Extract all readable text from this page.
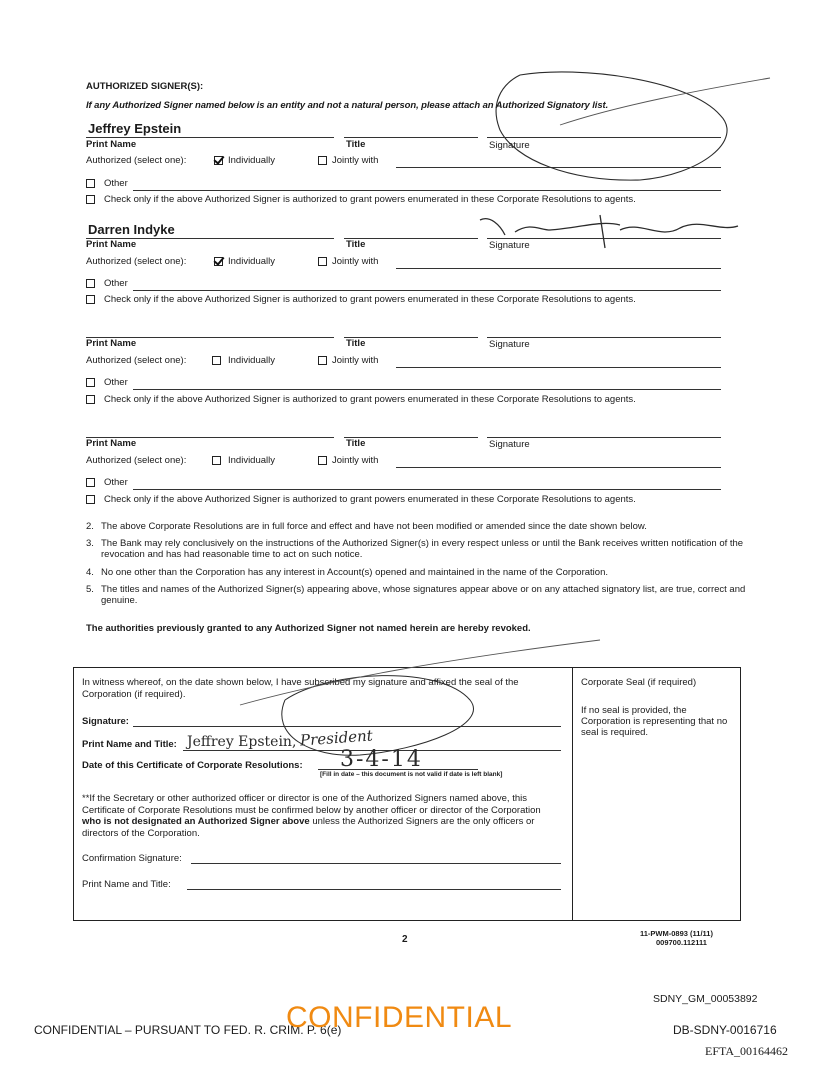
AUTHORIZED SIGNER(S):
If any Authorized Signer named below is an entity and not a natural person, please attach an Authorized Signatory list.
Jeffrey Epstein
Print Name	Title	Signature
Authorized (select one):	Individually	Jointly with
Other
Check only if the above Authorized Signer is authorized to grant powers enumerated in these Corporate Resolutions to agents.
Darren Indyke
Print Name	Title	Signature
Authorized (select one):	Individually	Jointly with
Other
Check only if the above Authorized Signer is authorized to grant powers enumerated in these Corporate Resolutions to agents.
Print Name	Title	Signature
Authorized (select one):	Individually	Jointly with
Other
Check only if the above Authorized Signer is authorized to grant powers enumerated in these Corporate Resolutions to agents.
Print Name	Title	Signature
Authorized (select one):	Individually	Jointly with
Other
Check only if the above Authorized Signer is authorized to grant powers enumerated in these Corporate Resolutions to agents.
2. The above Corporate Resolutions are in full force and effect and have not been modified or amended since the date shown below.
3. The Bank may rely conclusively on the instructions of the Authorized Signer(s) in every respect unless or until the Bank receives written notification of the revocation and has had reasonable time to act on such notice.
4. No one other than the Corporation has any interest in Account(s) opened and maintained in the name of the Corporation.
5. The titles and names of the Authorized Signer(s) appearing above, whose signatures appear above or on any attached signatory list, are true, correct and genuine.
The authorities previously granted to any Authorized Signer not named herein are hereby revoked.
In witness whereof, on the date shown below, I have subscribed my signature and affixed the seal of the Corporation (if required).
Signature:
Print Name and Title: Jeffrey Epstein, President
Date of this Certificate of Corporate Resolutions: 3-4-14
[Fill in date – this document is not valid if date is left blank]
**If the Secretary or other authorized officer or director is one of the Authorized Signers named above, this Certificate of Corporate Resolutions must be confirmed below by another officer or director of the Corporation who is not designated an Authorized Signer above unless the Authorized Signers are the only officers or directors of the Corporation.
Confirmation Signature:
Print Name and Title:
Corporate Seal (if required)
If no seal is provided, the Corporation is representing that no seal is required.
11-PWM-0893 (11/11)
009700.112111
2
SDNY_GM_00053892
CONFIDENTIAL – PURSUANT TO FED. R. CRIM. P. 6(e)
CONFIDENTIAL	DB-SDNY-0016716
EFTA_00164462
